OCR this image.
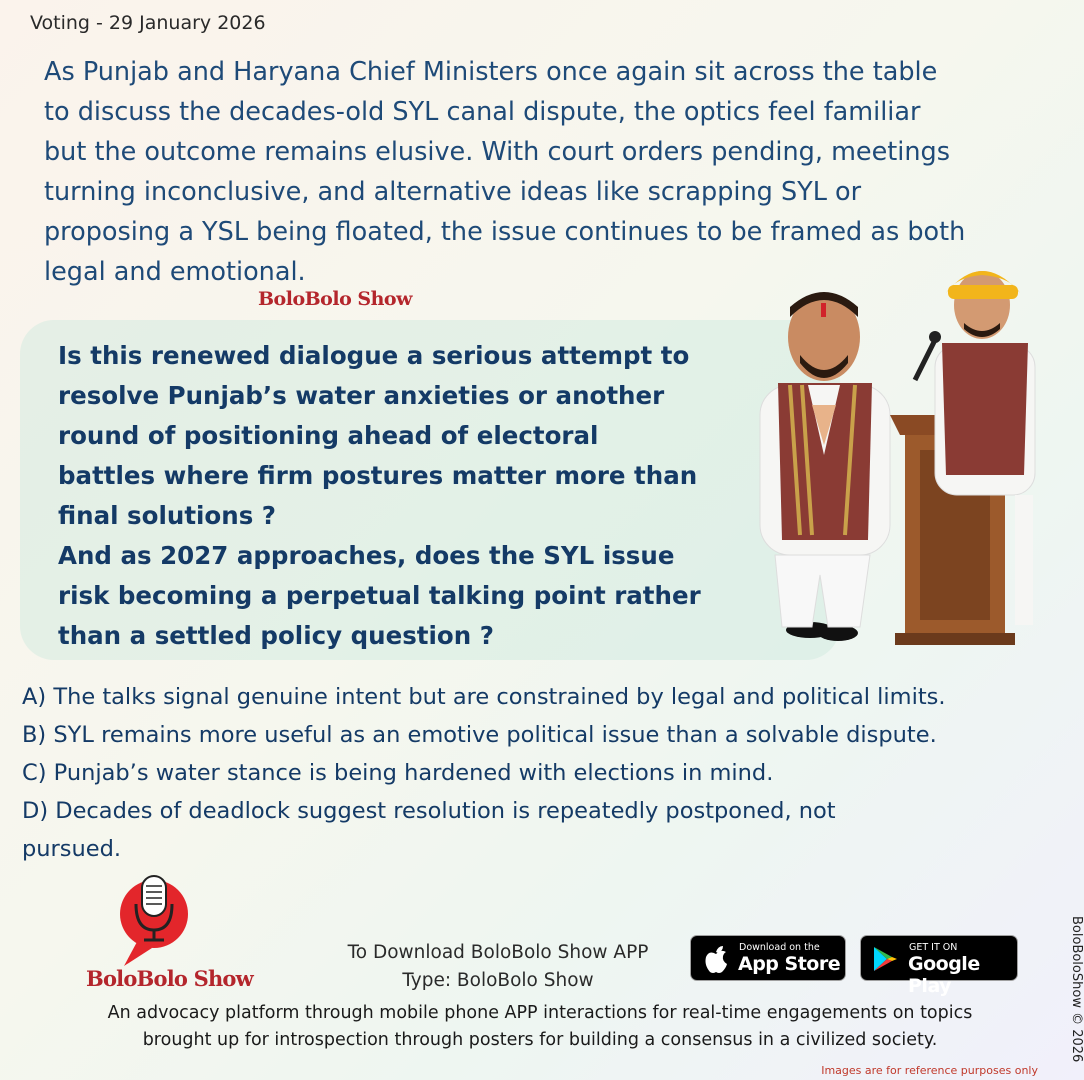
Voting - 29 January 2026

As Punjab and Haryana Chief Ministers once again sit across the table
to discuss the decades-old SYL canal dispute, the optics feel familiar
but the outcome remains elusive. With court orders pending, meetings
turning inconclusive, and alternative ideas like scrapping SYL or
proposing a YSL being floated, the issue continues to be framed as both
legal and emotional.

BoloBolo Show

Is this renewed dialogue a serious attempt to
resolve Punjab’s water anxieties or another
round of positioning ahead of electoral
battles where firm postures matter more than
final solutions ?

And as 2027 approaches, does the SYL issue
risk becoming a perpetual talking point rather
than a settled policy question ?

A) The talks signal genuine intent but are constrained by legal and political limits.
B) SYL remains more useful as an emotive political issue than a solvable dispute.
C) Punjab’s water stance is being hardened with elections in mind.
D) Decades of deadlock suggest resolution is repeatedly postponed, not
pursued.
BoloBolo Show
To Download BoloBolo Show APP
Type: BoloBolo Show
Download on the
App Store
GET IT ON
Google Play
An advocacy platform through mobile phone APP interactions for real-time engagements on topics
brought up for introspection through posters for building a consensus in a civilized society.	BoloBoloShow © 2026
Images are for reference purposes only
